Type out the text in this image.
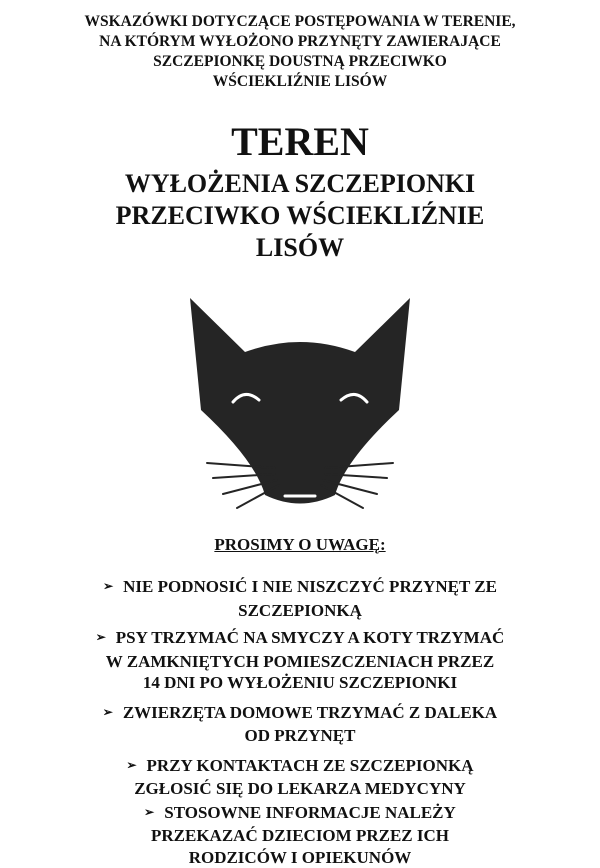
WSKAZÓWKI DOTYCZĄCE POSTĘPOWANIA W TERENIE,
NA KTÓRYM WYŁOŻONO PRZYNĘTY ZAWIERAJĄCE
SZCZEPIONKĘ DOUSTNĄ PRZECIWKO
WŚCIEKLIŹNIE LISÓW
TEREN
WYŁOŻENIA SZCZEPIONKI
PRZECIWKO WŚCIEKLIŹNIE
LISÓW
PROSIMY O UWAGĘ:
➢ NIE PODNOSIĆ I NIE NISZCZYĆ PRZYNĘT ZE
SZCZEPIONKĄ
➢ PSY TRZYMAĆ NA SMYCZY A KOTY TRZYMAĆ
W ZAMKNIĘTYCH POMIESZCZENIACH PRZEZ
14 DNI PO WYŁOŻENIU SZCZEPIONKI
➢ ZWIERZĘTA DOMOWE TRZYMAĆ Z DALEKA
OD PRZYNĘT
➢ PRZY KONTAKTACH ZE SZCZEPIONKĄ
ZGŁOSIĆ SIĘ DO LEKARZA MEDYCYNY
➢ STOSOWNE INFORMACJE NALEŻY
PRZEKAZAĆ DZIECIOM PRZEZ ICH
RODZICÓW I OPIEKUNÓW
